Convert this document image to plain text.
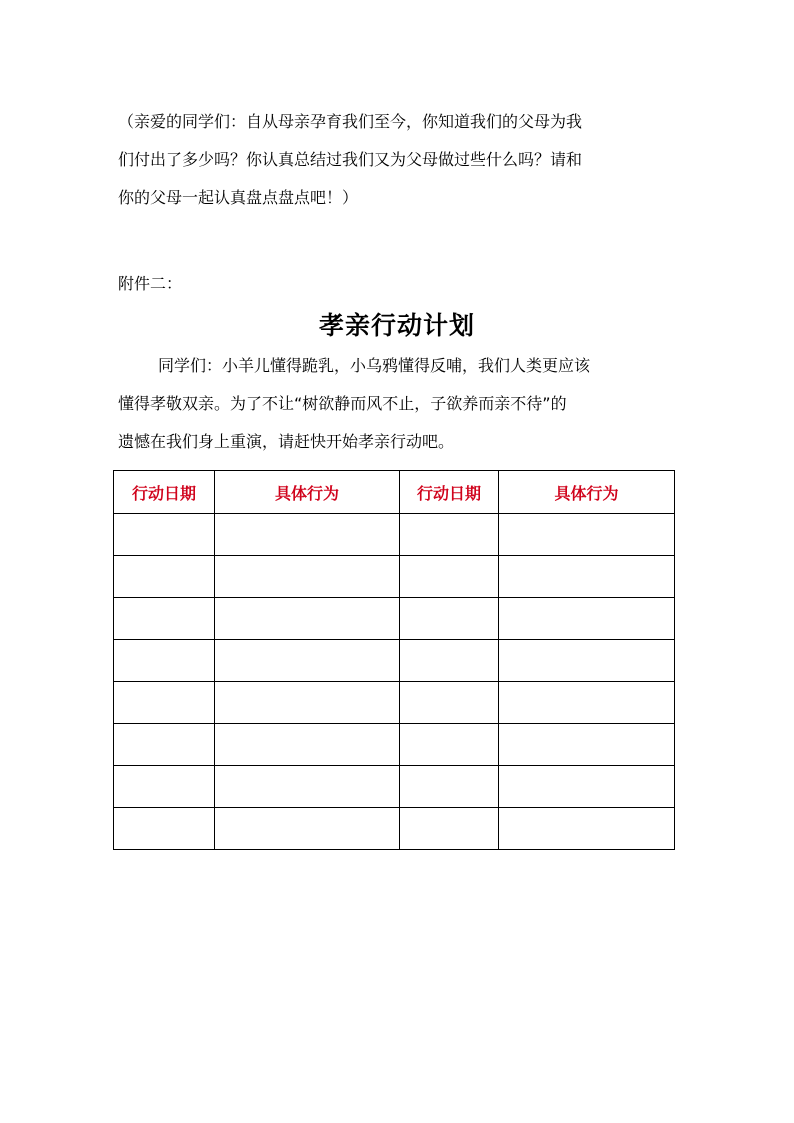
（亲爱的同学们：自从母亲孕育我们至今，你知道我们的父母为我
们付出了多少吗？你认真总结过我们又为父母做过些什么吗？请和
你的父母一起认真盘点盘点吧！）
附件二：
孝亲行动计划
同学们：小羊儿懂得跪乳，小乌鸦懂得反哺，我们人类更应该
懂得孝敬双亲。为了不让“树欲静而风不止，子欲养而亲不待”的
遗憾在我们身上重演，请赶快开始孝亲行动吧。
行动日期	具体行为	行动日期	具体行为
